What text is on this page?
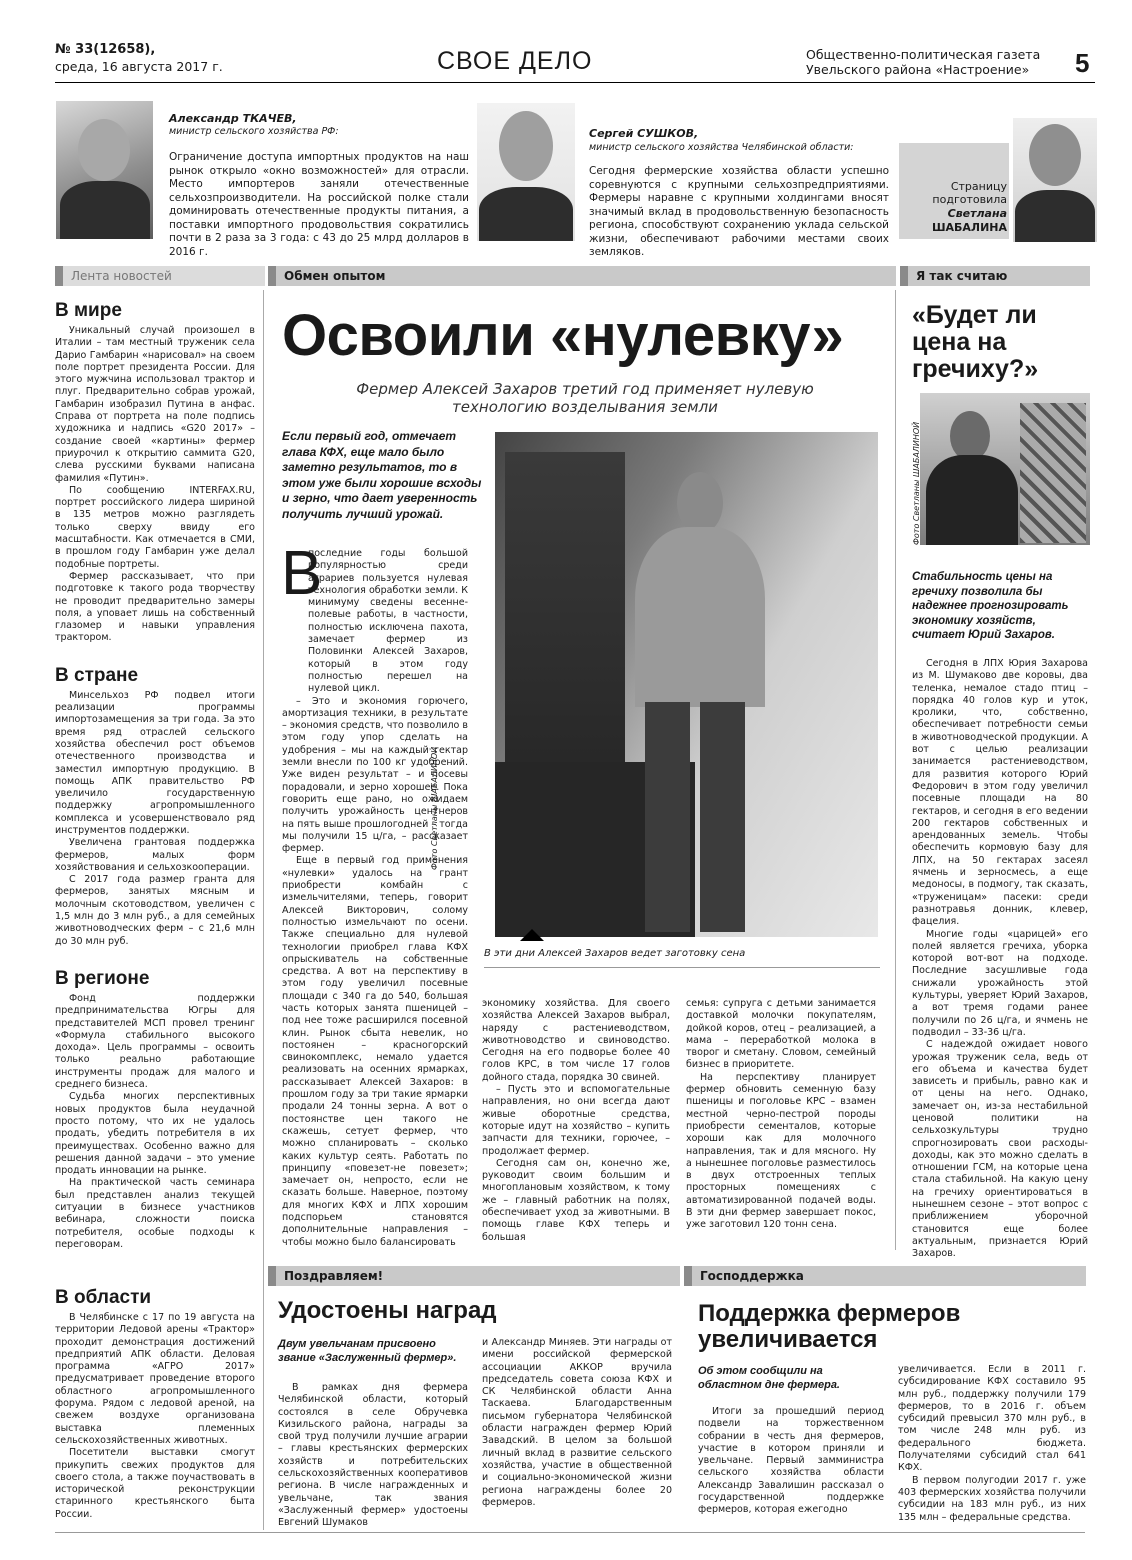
№ 33(12658),
среда, 16 августа 2017 г.	СВОЕ ДЕЛО	Общественно-политическая газета
Увельского района «Настроение» 5
Александр ТКАЧЕВ,
министр сельского хозяйства РФ:
Ограничение доступа импортных продуктов на наш рынок открыло «окно возможностей» для отрасли. Место импортеров заняли отечественные сельхозпроизводители. На российской полке стали доминировать отечественные продукты питания, а поставки импортного продовольствия сократились почти в 2 раза за 3 года: с 43 до 25 млрд долларов в 2016 г.
Сергей СУШКОВ,
министр сельского хозяйства Челябинской области:
Сегодня фермерские хозяйства области успешно соревнуются с крупными сельхозпредприятиями. Фермеры наравне с крупными холдингами вносят значимый вклад в продовольственную безопасность региона, способствуют сохранению уклада сельской жизни, обеспечивают рабочими местами своих земляков.
Страницу
подготовила
Светлана
ШАБАЛИНА
Лента новостей	Обмен опытом	Я так считаю
В мире

Уникальный случай произошел в Италии – там местный труженик села Дарио Гамбарин «нарисовал» на своем поле портрет президента России. Для этого мужчина использовал трактор и плуг. Предварительно собрав урожай, Гамбарин изобразил Путина в анфас. Справа от портрета на поле подпись художника и надпись «G20 2017» – создание своей «картины» фермер приурочил к открытию саммита G20, слева русскими буквами написана фамилия «Путин».

По сообщению INTERFAX.RU, портрет российского лидера шириной в 135 метров можно разглядеть только сверху ввиду его масштабности. Как отмечается в СМИ, в прошлом году Гамбарин уже делал подобные портреты.

Фермер рассказывает, что при подготовке к такого рода творчеству не проводит предварительно замеры поля, а уповает лишь на собственный глазомер и навыки управления трактором.

В стране

Минсельхоз РФ подвел итоги реализации программы импортозамещения за три года. За это время ряд отраслей сельского хозяйства обеспечил рост объемов отечественного производства и заместил импортную продукцию. В помощь АПК правительство РФ увеличило государственную поддержку агропромышленного комплекса и усовершенствовало ряд инструментов поддержки.

Увеличена грантовая поддержка фермеров, малых форм хозяйствования и сельхозкооперации.

С 2017 года размер гранта для фермеров, занятых мясным и молочным скотоводством, увеличен с 1,5 млн до 3 млн руб., а для семейных животноводческих ферм – с 21,6 млн до 30 млн руб.

В регионе

Фонд поддержки предпринимательства Югры для представителей МСП провел тренинг «Формула стабильного высокого дохода». Цель программы – освоить только реально работающие инструменты продаж для малого и среднего бизнеса.

Судьба многих перспективных новых продуктов была неудачной просто потому, что их не удалось продать, убедить потребителя в их преимуществах. Особенно важно для решения данной задачи – это умение продать инновации на рынке.

На практической часть семинара был представлен анализ текущей ситуации в бизнесе участников вебинара, сложности поиска потребителя, особые подходы к переговорам.

В области

В Челябинске с 17 по 19 августа на территории Ледовой арены «Трактор» проходит демонстрация достижений предприятий АПК области. Деловая программа «АГРО 2017» предусматривает проведение второго областного агропромышленного форума. Рядом с ледовой ареной, на свежем воздухе организована выставка племенных сельскохозяйственных животных.

Посетители выставки смогут прикупить свежих продуктов для своего стола, а также поучаствовать в исторической реконструкции старинного крестьянского быта России.

Освоили «нулевку»
Фермер Алексей Захаров третий год применяет нулевую технологию возделывания земли
Если первый год, отмечает глава КФХ, еще мало было заметно результатов, то в этом уже были хорошие всходы и зерно, что дает уверенность получить лучший урожай.
Фото Светланы ШАБАЛИНОЙ
В эти дни Алексей Захаров ведет заготовку сена
В

последние годы большой популярностью среди аграриев пользуется нулевая технология обработки земли. К минимуму сведены весенне-полевые работы, в частности, полностью исключена пахота, замечает фермер из Половинки Алексей Захаров, который в этом году полностью перешел на нулевой цикл.

– Это и экономия горючего, амортизация техники, в результате – экономия средств, что позволило в этом году упор сделать на удобрения – мы на каждый гектар земли внесли по 100 кг удобрений. Уже виден результат – и посевы порадовали, и зерно хорошее. Пока говорить еще рано, но ожидаем получить урожайность центнеров на пять выше прошлогодней – тогда мы получили 15 ц/га, – рассказает фермер.

Еще в первый год применения «нулевки» удалось на грант приобрести комбайн с измельчителями, теперь, говорит Алексей Викторович, солому полностью измельчают по осени. Также специально для нулевой технологии приобрел глава КФХ опрыскиватель на собственные средства. А вот на перспективу в этом году увеличил посевные площади с 340 га до 540, большая часть которых занята пшеницей – под нее тоже расширился посевной клин. Рынок сбыта невелик, но постоянен – красногорский свинокомплекс, немало удается реализовать на осенних ярмарках, рассказывает Алексей Захаров: в прошлом году за три такие ярмарки продали 24 тонны зерна. А вот о постоянстве цен такого не скажешь, сетует фермер, что можно спланировать – сколько каких культур сеять. Работать по принципу «повезет-не повезет»; замечает он, непросто, если не сказать больше. Наверное, поэтому для многих КФХ и ЛПХ хорошим подспорьем становятся дополнительные направления – чтобы можно было балансировать

экономику хозяйства. Для своего хозяйства Алексей Захаров выбрал, наряду с растениеводством, животноводство и свиноводство. Сегодня на его подворье более 40 голов КРС, в том числе 17 голов дойного стада, порядка 30 свиней.

– Пусть это и вспомогательные направления, но они всегда дают живые оборотные средства, которые идут на хозяйство – купить запчасти для техники, горючее, – продолжает фермер.

Сегодня сам он, конечно же, руководит своим большим и многоплановым хозяйством, к тому же – главный работник на полях, обеспечивает уход за животными. В помощь главе КФХ теперь и большая

семья: супруга с детьми занимается доставкой молочки покупателям, дойкой коров, отец – реализацией, а мама – переработкой молока в творог и сметану. Словом, семейный бизнес в приоритете.

На перспективу планирует фермер обновить семенную базу пшеницы и поголовье КРС – взамен местной черно-пестрой породы приобрести сементалов, которые хороши как для молочного направления, так и для мясного. Ну а нынешнее поголовье разместилось в двух отстроенных теплых просторных помещениях с автоматизированной подачей воды. В эти дни фермер завершает покос, уже заготовил 120 тонн сена.

«Будет ли цена на гречиху?»
Фото Светланы ШАБАЛИНОЙ
Стабильность цены на гречиху позволила бы надежнее прогнозировать экономику хозяйств, считает Юрий Захаров.

Сегодня в ЛПХ Юрия Захарова из М. Шумаково две коровы, два теленка, немалое стадо птиц – порядка 40 голов кур и уток, кролики, что, собственно, обеспечивает потребности семьи в животноводческой продукции. А вот с целью реализации занимается растениеводством, для развития которого Юрий Федорович в этом году увеличил посевные площади на 80 гектаров, и сегодня в его ведении 200 гектаров собственных и арендованных земель. Чтобы обеспечить кормовую базу для ЛПХ, на 50 гектарах засеял ячмень и зерносмесь, а еще медоносы, в подмогу, так сказать, «труженицам» пасеки: среди разнотравья донник, клевер, фацелия.

Многие годы «царицей» его полей является гречиха, уборка которой вот-вот на подходе. Последние засушливые года снижали урожайность этой культуры, уверяет Юрий Захаров, а вот тремя годами ранее получили по 26 ц/га, и ячмень не подводил – 33-36 ц/га.

С надеждой ожидает нового урожая труженик села, ведь от его объема и качества будет зависеть и прибыль, равно как и от цены на него. Однако, замечает он, из-за нестабильной ценовой политики на сельхозкультуры трудно спрогнозировать свои расходы-доходы, как это можно сделать в отношении ГСМ, на которые цена стала стабильной. На какую цену на гречиху ориентироваться в нынешнем сезоне – этот вопрос с приближением уборочной становится еще более актуальным, признается Юрий Захаров.

Поздравляем!	Господдержка
Удостоены наград
Двум увельчанам присвоено звание «Заслуженный фермер».

В рамках дня фермера Челябинской области, который состоялся в селе Обручевка Кизильского района, награды за свой труд получили лучшие аграрии – главы крестьянских фермерских хозяйств и потребительских сельскохозяйственных кооперативов региона. В числе награжденных и увельчане, так звания «Заслуженный фермер» удостоены Евгений Шумаков

и Александр Миняев. Эти награды от имени российской фермерской ассоциации АККОР вручила председатель совета союза КФХ и СК Челябинской области Анна Таскаева. Благодарственным письмом губернатора Челябинской области награжден фермер Юрий Завадский. В целом за большой личный вклад в развитие сельского хозяйства, участие в общественной и социально-экономической жизни региона награждены более 20 фермеров.

Поддержка фермеров
увеличивается
Об этом сообщили на областном дне фермера.

Итоги за прошедший период подвели на торжественном собрании в честь дня фермеров, участие в котором приняли и увельчане. Первый замминистра сельского хозяйства области Александр Завалишин рассказал о государственной поддержке фермеров, которая ежегодно

увеличивается. Если в 2011 г. субсидирование КФХ составило 95 млн руб., поддержку получили 179 фермеров, то в 2016 г. объем субсидий превысил 370 млн руб., в том числе 248 млн руб. из федерального бюджета. Получателями субсидий стал 641 КФХ.

В первом полугодии 2017 г. уже 403 фермерских хозяйства получили субсидии на 183 млн руб., из них 135 млн – федеральные средства.
